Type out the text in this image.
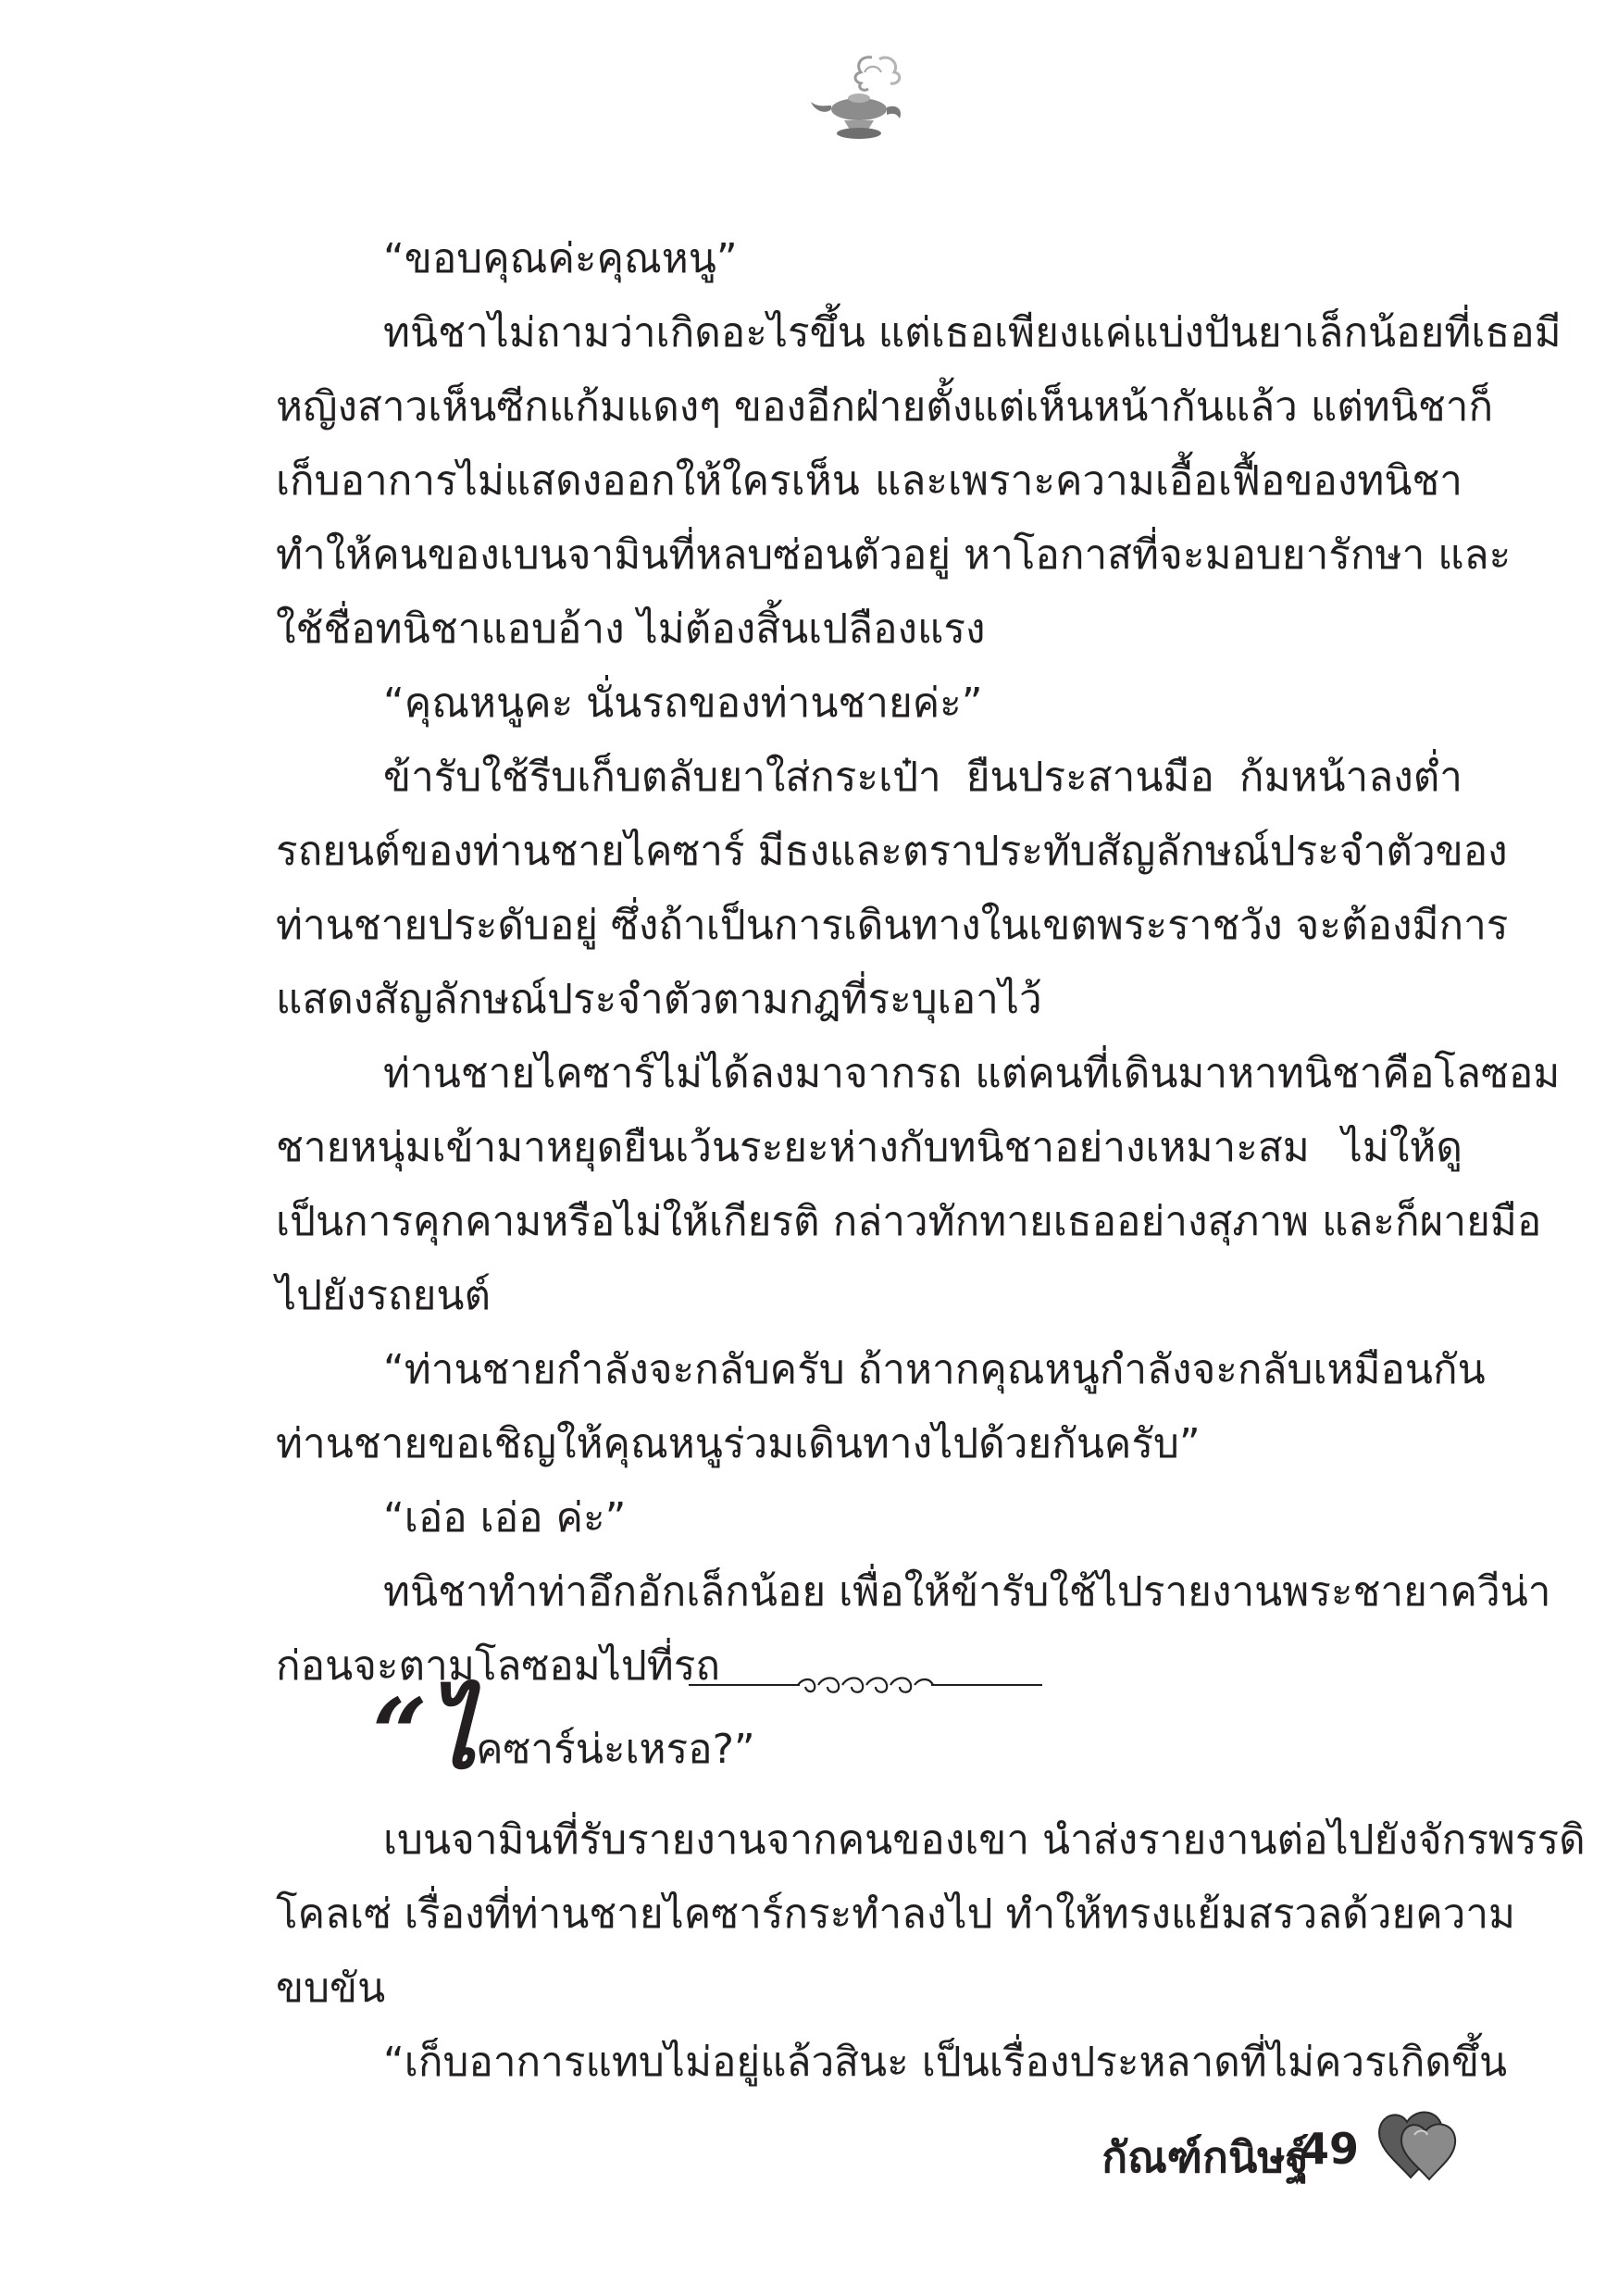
“ขอบคุณค่ะคุณหนู”
ทนิชาไม่ถามว่าเกิดอะไรขึ้น แต่เธอเพียงแค่แบ่งปันยาเล็กน้อยที่เธอมี
หญิงสาวเห็นซีกแก้มแดงๆ ของอีกฝ่ายตั้งแต่เห็นหน้ากันแล้ว แต่ทนิชาก็
เก็บอาการไม่แสดงออกให้ใครเห็น และเพราะความเอื้อเฟื้อของทนิชา
ทำให้คนของเบนจามินที่หลบซ่อนตัวอยู่ หาโอกาสที่จะมอบยารักษา และ
ใช้ชื่อทนิชาแอบอ้าง ไม่ต้องสิ้นเปลืองแรง
“คุณหนูคะ นั่นรถของท่านชายค่ะ”
ข้ารับใช้รีบเก็บตลับยาใส่กระเป๋า ยืนประสานมือ ก้มหน้าลงต่ำ
รถยนต์ของท่านชายไคซาร์ มีธงและตราประทับสัญลักษณ์ประจำตัวของ
ท่านชายประดับอยู่ ซึ่งถ้าเป็นการเดินทางในเขตพระราชวัง จะต้องมีการ
แสดงสัญลักษณ์ประจำตัวตามกฎที่ระบุเอาไว้
ท่านชายไคซาร์ไม่ได้ลงมาจากรถ แต่คนที่เดินมาหาทนิชาคือโลซอม
ชายหนุ่มเข้ามาหยุดยืนเว้นระยะห่างกับทนิชาอย่างเหมาะสม ไม่ให้ดู
เป็นการคุกคามหรือไม่ให้เกียรติ กล่าวทักทายเธออย่างสุภาพ และก็ผายมือ
ไปยังรถยนต์
“ท่านชายกำลังจะกลับครับ ถ้าหากคุณหนูกำลังจะกลับเหมือนกัน
ท่านชายขอเชิญให้คุณหนูร่วมเดินทางไปด้วยกันครับ”
“เอ่อ เอ่อ ค่ะ”
ทนิชาทำท่าอึกอักเล็กน้อย เพื่อให้ข้ารับใช้ไปรายงานพระชายาควีน่า
ก่อนจะตามโลซอมไปที่รถ
“ไคซาร์น่ะเหรอ?”
เบนจามินที่รับรายงานจากคนของเขา นำส่งรายงานต่อไปยังจักรพรรดิ
โคลเซ่ เรื่องที่ท่านชายไคซาร์กระทำลงไป ทำให้ทรงแย้มสรวลด้วยความ
ขบขัน
“เก็บอาการแทบไม่อยู่แล้วสินะ เป็นเรื่องประหลาดที่ไม่ควรเกิดขึ้น
กัณฑ์กนิษฐ์
49
